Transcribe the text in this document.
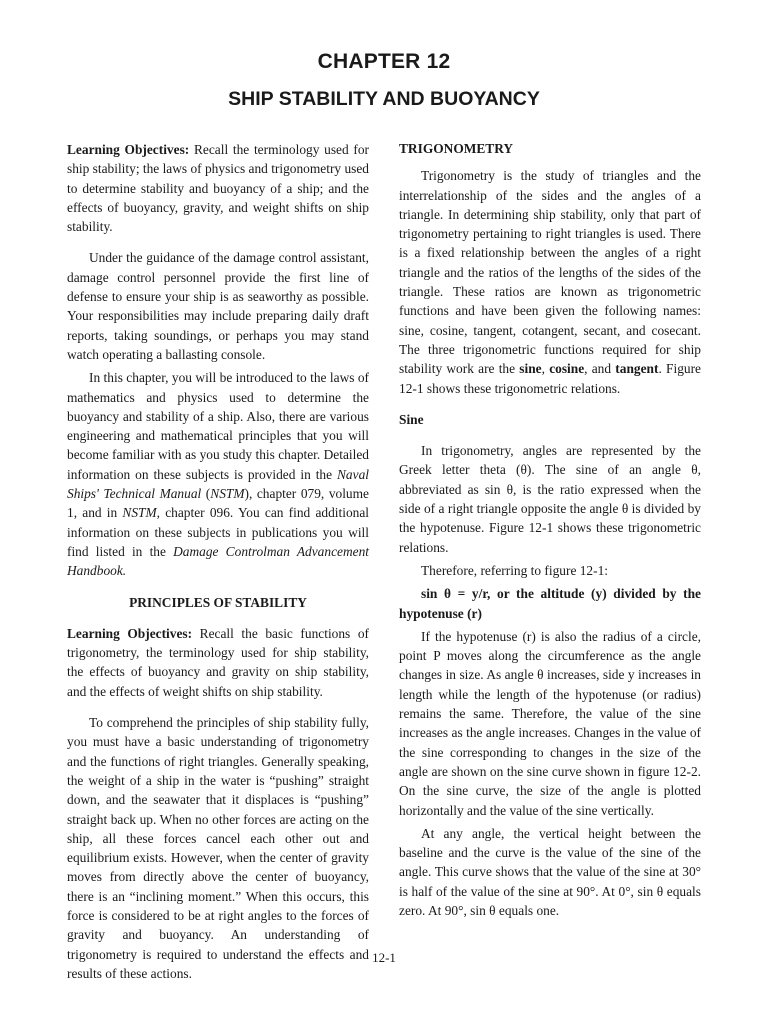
CHAPTER 12
SHIP STABILITY AND BUOYANCY

Learning Objectives: Recall the terminology used for ship stability; the laws of physics and trigonometry used to determine stability and buoyancy of a ship; and the effects of buoyancy, gravity, and weight shifts on ship stability.

Under the guidance of the damage control assistant, damage control personnel provide the first line of defense to ensure your ship is as seaworthy as possible. Your responsibilities may include preparing daily draft reports, taking soundings, or perhaps you may stand watch operating a ballasting console.

In this chapter, you will be introduced to the laws of mathematics and physics used to determine the buoyancy and stability of a ship. Also, there are various engineering and mathematical principles that you will become familiar with as you study this chapter. Detailed information on these subjects is provided in the Naval Ships' Technical Manual (NSTM), chapter 079, volume 1, and in NSTM, chapter 096. You can find additional information on these subjects in publications you will find listed in the Damage Controlman Advancement Handbook.

PRINCIPLES OF STABILITY

Learning Objectives: Recall the basic functions of trigonometry, the terminology used for ship stability, the effects of buoyancy and gravity on ship stability, and the effects of weight shifts on ship stability.

To comprehend the principles of ship stability fully, you must have a basic understanding of trigonometry and the functions of right triangles. Generally speaking, the weight of a ship in the water is “pushing” straight down, and the seawater that it displaces is “pushing” straight back up. When no other forces are acting on the ship, all these forces cancel each other out and equilibrium exists. However, when the center of gravity moves from directly above the center of buoyancy, there is an “inclining moment.” When this occurs, this force is considered to be at right angles to the forces of gravity and buoyancy. An understanding of trigonometry is required to understand the effects and results of these actions.

TRIGONOMETRY

Trigonometry is the study of triangles and the interrelationship of the sides and the angles of a triangle. In determining ship stability, only that part of trigonometry pertaining to right triangles is used. There is a fixed relationship between the angles of a right triangle and the ratios of the lengths of the sides of the triangle. These ratios are known as trigonometric functions and have been given the following names: sine, cosine, tangent, cotangent, secant, and cosecant. The three trigonometric functions required for ship stability work are the sine, cosine, and tangent. Figure 12-1 shows these trigonometric relations.

Sine

In trigonometry, angles are represented by the Greek letter theta (θ). The sine of an angle θ, abbreviated as sin θ, is the ratio expressed when the side of a right triangle opposite the angle θ is divided by the hypotenuse. Figure 12-1 shows these trigonometric relations.

Therefore, referring to figure 12-1:

sin θ = y/r, or the altitude (y) divided by the hypotenuse (r)

If the hypotenuse (r) is also the radius of a circle, point P moves along the circumference as the angle changes in size. As angle θ increases, side y increases in length while the length of the hypotenuse (or radius) remains the same. Therefore, the value of the sine increases as the angle increases. Changes in the value of the sine corresponding to changes in the size of the angle are shown on the sine curve shown in figure 12-2. On the sine curve, the size of the angle is plotted horizontally and the value of the sine vertically.

At any angle, the vertical height between the baseline and the curve is the value of the sine of the angle. This curve shows that the value of the sine at 30° is half of the value of the sine at 90°. At 0°, sin θ equals zero. At 90°, sin θ equals one.

12-1
